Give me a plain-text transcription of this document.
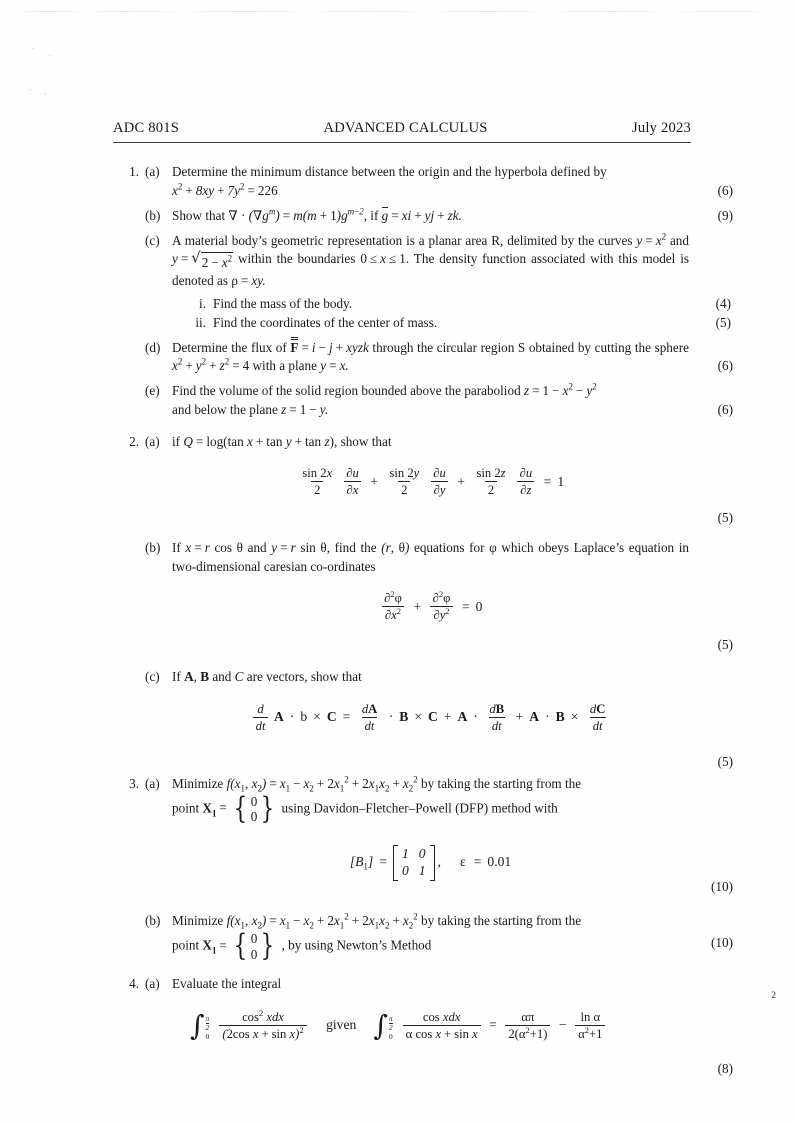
ʻ
·
ʼ ʼ
ADC 801S	ADVANCED CALCULUS	July 2023
1. (a) Determine the minimum distance between the origin and the hyperbola defined by
$x^2 + 8xy + 7y^2 = 226$	(6)
(b) Show that ∇ · $(\nabla g^m) = m(m + 1)g^{m-2}$, if g = xi + yj + zk.	(9)
(c) A material body’s geometric representation is a planar area R, delimited by the curves $y = x^2$ and y = √ $2 - x^2$ within the boundaries 0 ≤ x ≤ 1. The density function associated with this model is denoted as ρ = xy.
i. Find the mass of the body.	(4)
ii. Find the coordinates of the center of mass.	(5)
(d) Determine the flux of
F = i − j + xyzk through the circular region S obtained by cutting the sphere $x^2 + y^2 + z^2 = 4$ with a plane y = x.	(6)
(e) Find the volume of the solid region bounded above the paraboliod $z = 1 - x^2 - y^2$
and below the plane z = 1 − y.	(6)
2. (a) if Q = log(tan x + tan y + tan z), show that
$\frac{\sin 2x}{2} \frac{\partial u}{\partial x} + \frac{\sin 2y}{2} \frac{\partial u}{\partial y} + \frac{\sin 2z}{2} \frac{\partial u}{\partial z} = 1$
(5)
(b) If x = r cos θ and y = r sin θ, find the (r, θ) equations for φ which obeys Laplace’s equation in two-dimensional caresian co-ordinates
$\frac{\partial^2\varphi}{\partial x^2} + \frac{\partial^2\varphi}{\partial y^2} = 0$
(5)
(c) If A, B and C are vectors, show that
$\frac{d}{dt}$ $A \cdot b \times C = \frac{dA}{dt} \cdot B \times C + A \cdot \frac{dB}{dt} + A \cdot B \times \frac{dC}{dt}$
(5)
3. (a) Minimize $f(x_1$, $x_2) = x_1 - x_2 + 2x_1^2 + 2x_1x_2 + x_2^2$ by taking the starting from the
point $X_1$ = { 0
0 } using Davidon–Fletcher–Powell (DFP) method with
$[B_1]$ =
1 0
0 1
,	ε = 0.01
(10)
(b) Minimize $f(x_1$, $x_2) = x_1 - x_2 + 2x_1^2 + 2x_1x_2 + x_2^2$ by taking the starting from the
point $X_1$ = { 0
0 } , by using Newton’s Method	(10)
4. (a) Evaluate the integral
∫ $\frac{\pi}{2}$
$0 \frac{\cos^2 xdx}{(2\cos x + \sin x)^2}$	given ∫ $\frac{\pi}{2}$
$0 \frac{\text{cos xdx}}{\text{α cos x + sin x}} = \frac{\alpha\pi}{2(\alpha^2+1)} - \frac{\text{ln α}}{\alpha^2+1}$
(8)
2
